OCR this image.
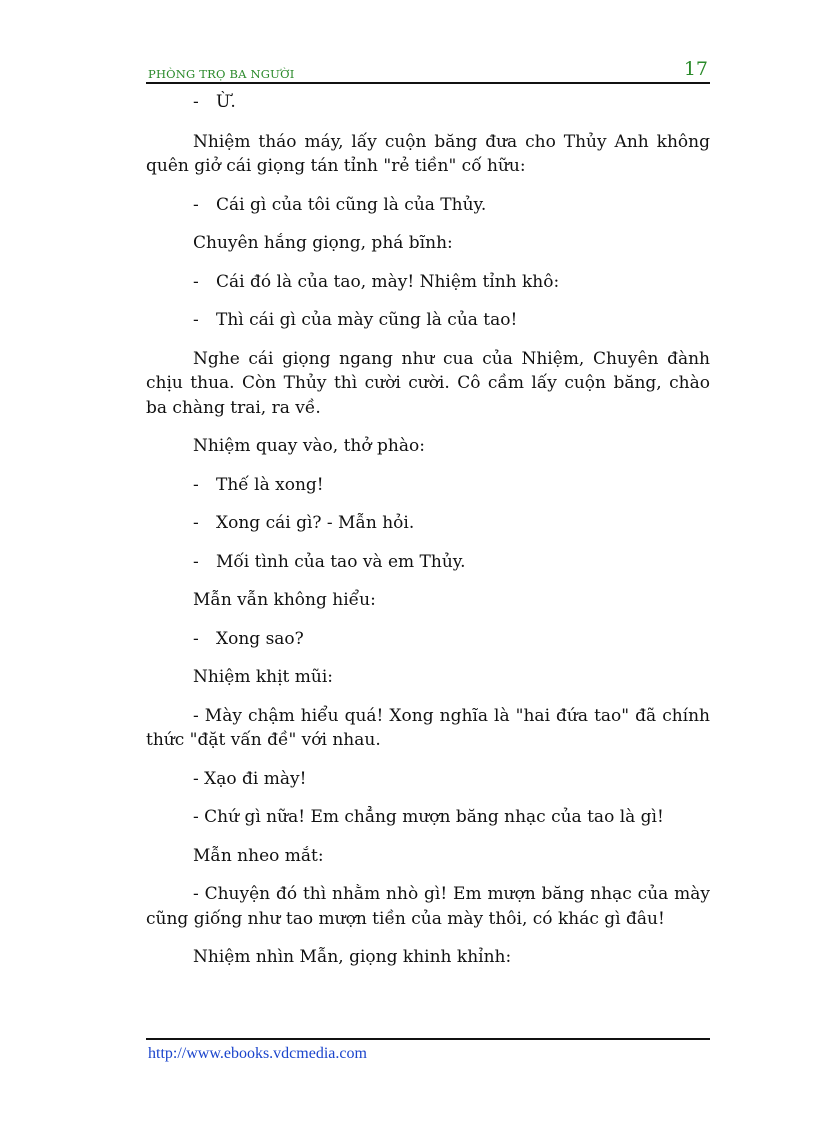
PHÒNG TRỌ BA NGƯỜI	17

- Ừ.

Nhiệm tháo máy, lấy cuộn băng đưa cho Thủy Anh không quên giở cái giọng tán tỉnh "rẻ tiền" cố hữu:

- Cái gì của tôi cũng là của Thủy.

Chuyên hắng giọng, phá bĩnh:

- Cái đó là của tao, mày! Nhiệm tỉnh khô:

- Thì cái gì của mày cũng là của tao!

Nghe cái giọng ngang như cua của Nhiệm, Chuyên đành chịu thua. Còn Thủy thì cười cười. Cô cầm lấy cuộn băng, chào ba chàng trai, ra về.

Nhiệm quay vào, thở phào:

- Thế là xong!

- Xong cái gì? - Mẫn hỏi.

- Mối tình của tao và em Thủy.

Mẫn vẫn không hiểu:

- Xong sao?

Nhiệm khịt mũi:

- Mày chậm hiểu quá! Xong nghĩa là "hai đứa tao" đã chính thức "đặt vấn đề" với nhau.

- Xạo đi mày!

- Chứ gì nữa! Em chẳng mượn băng nhạc của tao là gì!

Mẫn nheo mắt:

- Chuyện đó thì nhằm nhò gì! Em mượn băng nhạc của mày cũng giống như tao mượn tiền của mày thôi, có khác gì đâu!

Nhiệm nhìn Mẫn, giọng khinh khỉnh:

http://www.ebooks.vdcmedia.com
